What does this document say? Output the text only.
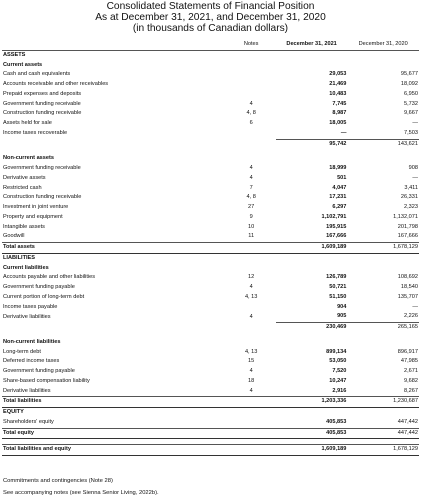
Consolidated Statements of Financial Position
As at December 31, 2021, and December 31, 2020
(in thousands of Canadian dollars)
	Notes	December 31, 2021	December 31, 2020
ASSETS			
Current assets			
Cash and cash equivalents		29,053	95,677
Accounts receivable and other receivables		21,469	18,092
Prepaid expenses and deposits		10,483	6,950
Government funding receivable	4	7,745	5,732
Construction funding receivable	4, 8	8,987	9,667
Assets held for sale	6	18,005	—
Income taxes recoverable		—	7,503
		95,742	143,621

Non-current assets			
Government funding receivable	4	18,999	908
Derivative assets	4	501	—
Restricted cash	7	4,047	3,411
Construction funding receivable	4, 8	17,231	26,331
Investment in joint venture	27	6,297	2,323
Property and equipment	9	1,102,791	1,132,071
Intangible assets	10	195,915	201,798
Goodwill	11	167,666	167,666
Total assets		1,609,189	1,678,129
LIABILITIES			
Current liabilities			
Accounts payable and other liabilities	12	126,789	108,692
Government funding payable	4	50,721	18,540
Current portion of long-term debt	4, 13	51,150	135,707
Income taxes payable		904	—
Derivative liabilities	4	905	2,226
		230,469	265,165

Non-current liabilities			
Long-term debt	4, 13	899,134	896,917
Deferred income taxes	15	53,050	47,985
Government funding payable	4	7,520	2,671
Share-based compensation liability	18	10,247	9,682
Derivative liabilities	4	2,916	8,267
Total liabilities		1,203,336	1,230,687
EQUITY			
Shareholders' equity		405,853	447,442
Total equity		405,853	447,442

Total liabilities and equity		1,609,189	1,678,129
Commitments and contingencies (Note 28)
See accompanying notes (see Sienna Senior Living, 2022b).
